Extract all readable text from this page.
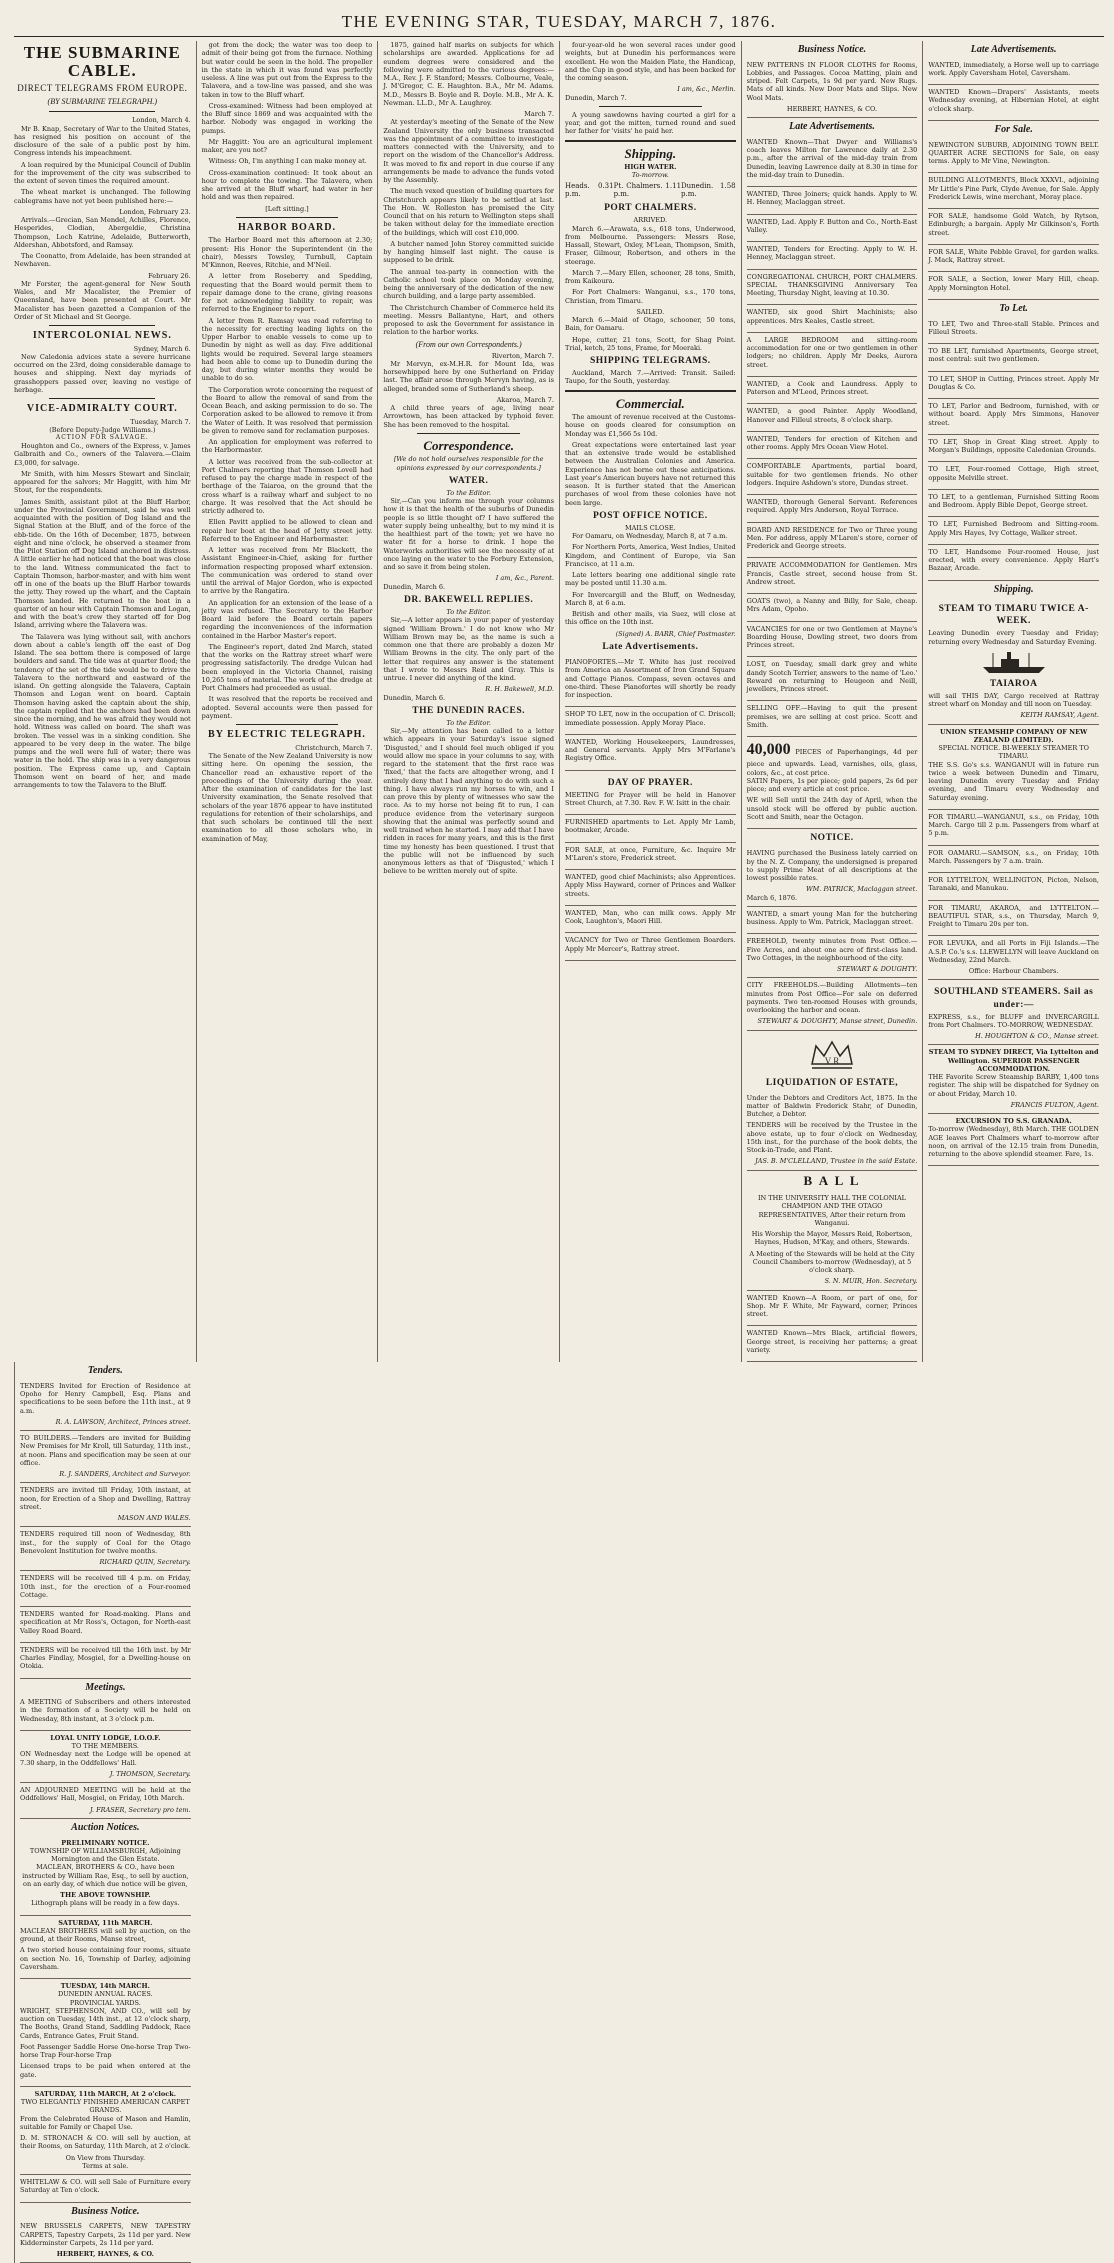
THE EVENING STAR, TUESDAY, MARCH 7, 1876.
THE SUBMARINE CABLE.
DIRECT TELEGRAMS FROM EUROPE.
(BY SUBMARINE TELEGRAPH.)
London, March 4.

Mr B. Knap, Secretary of War to the United States, has resigned his position on account of the disclosure of the sale of a public post by him. Congress intends his impeachment.

A loan required by the Municipal Council of Dublin for the improvement of the city was subscribed to the extent of seven times the required amount.

The wheat market is unchanged. The following cablegrams have not yet been published here:—

London, February 23.

Arrivals.—Grecian, San Mendel, Achilles, Florence, Hesperides, Clodian, Abergeldie, Christina Thompson, Loch Katrine, Adelaide, Butterworth, Aldershan, Abbotsford, and Ramsay.

The Coonatto, from Adelaide, has been stranded at Newhaven.

February 26.

Mr Forster, the agent-general for New South Wales, and Mr Macalister, the Premier of Queensland, have been presented at Court. Mr Macalister has been gazetted a Companion of the Order of St Michael and St George.

INTERCOLONIAL NEWS.
Sydney, March 6.

New Caledonia advices state a severe hurricane occurred on the 23rd, doing considerable damage to houses and shipping. Next day myriads of grasshoppers passed over, leaving no vestige of herbage.

VICE-ADMIRALTY COURT.
Tuesday, March 7.
(Before Deputy-Judge Williams.)
ACTION FOR SALVAGE.

Houghton and Co., owners of the Express, v. James Galbraith and Co., owners of the Talavera.—Claim £3,000, for salvage.

Mr Smith, with him Messrs Stewart and Sinclair, appeared for the salvors; Mr Haggitt, with him Mr Stout, for the respondents.

James Smith, assistant pilot at the Bluff Harbor, under the Provincial Government, said he was well acquainted with the position of Dog Island and the Signal Station at the Bluff, and of the force of the ebb-tide. On the 16th of December, 1875, between eight and nine o'clock, he observed a steamer from the Pilot Station off Dog Island anchored in distress. A little earlier he had noticed that the boat was close to the land. Witness communicated the fact to Captain Thomson, harbor-master, and with him went off in one of the boats up the Bluff Harbor towards the jetty. They rowed up the wharf, and the Captain Thomson landed. He returned to the boat in a quarter of an hour with Captain Thomson and Logan, and with the boat's crew they started off for Dog Island, arriving where the Talavera was.

The Talavera was lying without sail, with anchors down about a cable's length off the east of Dog Island. The sea bottom there is composed of large boulders and sand. The tide was at quarter flood; the tendency of the set of the tide would be to drive the Talavera to the northward and eastward of the island. On getting alongside the Talavera, Captain Thomson and Logan went on board. Captain Thomson having asked the captain about the ship, the captain replied that the anchors had been down since the morning, and he was afraid they would not hold. Witness was called on board. The shaft was broken. The vessel was in a sinking condition. She appeared to be very deep in the water. The bilge pumps and the well were full of water; there was water in the hold. The ship was in a very dangerous position. The Express came up, and Captain Thomson went on board of her, and made arrangements to tow the Talavera to the Bluff.

got from the dock; the water was too deep to admit of their being got from the furnace. Nothing but water could be seen in the hold. The propeller in the state in which it was found was perfectly useless. A line was put out from the Express to the Talavera, and a tow-line was passed, and she was taken in tow to the Bluff wharf.

Cross-examined: Witness had been employed at the Bluff since 1869 and was acquainted with the harbor. Nobody was engaged in working the pumps.

Mr Haggitt: You are an agricultural implement maker, are you not?

Witness: Oh, I'm anything I can make money at.

Cross-examination continued: It took about an hour to complete the towing. The Talavera, when she arrived at the Bluff wharf, had water in her hold and was then repaired.

[Left sitting.]
HARBOR BOARD.

The Harbor Board met this afternoon at 2.30; present: His Honor the Superintendent (in the chair), Messrs Towsley, Turnbull, Captain M'Kinnon, Reeves, Ritchie, and M'Neil.

A letter from Roseberry and Spedding, requesting that the Board would permit them to repair damage done to the crane, giving reasons for not acknowledging liability to repair, was referred to the Engineer to report.

A letter from R. Ramsay was read referring to the necessity for erecting leading lights on the Upper Harbor to enable vessels to come up to Dunedin by night as well as day. Five additional lights would be required. Several large steamers had been able to come up to Dunedin during the day, but during winter months they would be unable to do so.

The Corporation wrote concerning the request of the Board to allow the removal of sand from the Ocean Beach, and asking permission to do so. The Corporation asked to be allowed to remove it from the Water of Leith. It was resolved that permission be given to remove sand for reclamation purposes.

An application for employment was referred to the Harbormaster.

A letter was received from the sub-collector at Port Chalmers reporting that Thomson Lovell had refused to pay the charge made in respect of the berthage of the Taiaroa, on the ground that the cross wharf is a railway wharf and subject to no charge. It was resolved that the Act should be strictly adhered to.

Ellen Pavitt applied to be allowed to clean and repair her boat at the head of Jetty street jetty. Referred to the Engineer and Harbormaster.

A letter was received from Mr Blackett, the Assistant Engineer-in-Chief, asking for further information respecting proposed wharf extension. The communication was ordered to stand over until the arrival of Major Gordon, who is expected to arrive by the Rangatira.

An application for an extension of the lease of a jetty was refused. The Secretary to the Harbor Board laid before the Board certain papers regarding the inconveniences of the information contained in the Harbor Master's report.

The Engineer's report, dated 2nd March, stated that the works on the Rattray street wharf were progressing satisfactorily. The dredge Vulcan had been employed in the Victoria Channel, raising 10,265 tons of material. The work of the dredge at Port Chalmers had proceeded as usual.

It was resolved that the reports be received and adopted. Several accounts were then passed for payment.

BY ELECTRIC TELEGRAPH.
Christchurch, March 7.

The Senate of the New Zealand University is now sitting here. On opening the session, the Chancellor read an exhaustive report of the proceedings of the University during the year. After the examination of candidates for the last University examination, the Senate resolved that scholars of the year 1876 appear to have instituted regulations for retention of their scholarships, and that such scholars be continued till the next examination to all those scholars who, in examination of May,

1875, gained half marks on subjects for which scholarships are awarded. Applications for ad eundem degrees were considered and the following were admitted to the various degrees:—M.A., Rev. J. F. Stanford; Messrs. Colbourne, Veale, J. M'Gregor, C. E. Haughton. B.A., Mr M. Adams. M.D., Messrs B. Boyle and R. Doyle. M.B., Mr A. K. Newman. LL.D., Mr A. Laughrey.

March 7.

At yesterday's meeting of the Senate of the New Zealand University the only business transacted was the appointment of a committee to investigate matters connected with the University, and to report on the wisdom of the Chancellor's Address. It was moved to fix and report in due course if any arrangements be made to advance the funds voted by the Assembly.

The much vexed question of building quarters for Christchurch appears likely to be settled at last. The Hon. W. Rolleston has promised the City Council that on his return to Wellington steps shall be taken without delay for the immediate erection of the buildings, which will cost £10,000.

A butcher named John Storey committed suicide by hanging himself last night. The cause is supposed to be drink.

The annual tea-party in connection with the Catholic school took place on Monday evening, being the anniversary of the dedication of the new church building, and a large party assembled.

The Christchurch Chamber of Commerce held its meeting. Messrs Ballantyne, Hart, and others proposed to ask the Government for assistance in relation to the harbor works.

(From our own Correspondents.)
Riverton, March 7.

Mr Mervyn, ex-M.H.R. for Mount Ida, was horsewhipped here by one Sutherland on Friday last. The affair arose through Mervyn having, as is alleged, branded some of Sutherland's sheep.

Akaroa, March 7.

A child three years of age, living near Arrowtown, has been attacked by typhoid fever. She has been removed to the hospital.

Correspondence.
[We do not hold ourselves responsible for the opinions expressed by our correspondents.]
WATER.
To the Editor.

Sir,—Can you inform me through your columns how it is that the health of the suburbs of Dunedin people is so little thought of? I have suffered the water supply being unhealthy, but to my mind it is the healthiest part of the town; yet we have no water fit for a horse to drink. I hope the Waterworks authorities will see the necessity of at once laying on the water to the Forbury Extension, and so save it from being stolen.

I am, &c., Parent.
Dunedin, March 6.
DR. BAKEWELL REPLIES.
To the Editor.

Sir,—A letter appears in your paper of yesterday signed 'William Brown.' I do not know who Mr William Brown may be, as the name is such a common one that there are probably a dozen Mr William Browns in the city. The only part of the letter that requires any answer is the statement that I wrote to Messrs Reid and Gray. This is untrue. I never did anything of the kind.

R. H. Bakewell, M.D.
Dunedin, March 6.
THE DUNEDIN RACES.
To the Editor.

Sir,—My attention has been called to a letter which appears in your Saturday's issue signed 'Disgusted,' and I should feel much obliged if you would allow me space in your columns to say, with regard to the statement that the first race was 'fixed,' that the facts are altogether wrong, and I entirely deny that I had anything to do with such a thing. I have always run my horses to win, and I can prove this by plenty of witnesses who saw the race. As to my horse not being fit to run, I can produce evidence from the veterinary surgeon showing that the animal was perfectly sound and well trained when he started. I may add that I have ridden in races for many years, and this is the first time my honesty has been questioned. I trust that the public will not be influenced by such anonymous letters as that of 'Disgusted,' which I believe to be written merely out of spite.

four-year-old he won several races under good weights, but at Dunedin his performances were excellent. He won the Maiden Plate, the Handicap, and the Cup in good style, and has been backed for the coming season.

I am, &c., Merlin.
Dunedin, March 7.

A young sawdowns having courted a girl for a year, and got the mitten, turned round and sued her father for 'visits' he paid her.

Shipping.
HIGH WATER.
To-morrow.
Heads. 0.31 p.m.
Pt. Chalmers. 1.11 p.m.
Dunedin. 1.58 p.m.
PORT CHALMERS.
ARRIVED.

March 6.—Arawata, s.s., 618 tons, Underwood, from Melbourne. Passengers: Messrs Rose, Hassall, Stewart, Oxley, M'Lean, Thompson, Smith, Fraser, Gilmour, Robertson, and others in the steerage.

March 7.—Mary Ellen, schooner, 28 tons, Smith, from Kaikoura.

For Port Chalmers: Wanganui, s.s., 170 tons, Christian, from Timaru.

SAILED.

March 6.—Maid of Otago, schooner, 50 tons, Bain, for Oamaru.

Hope, cutter, 21 tons, Scott, for Shag Point. Trial, ketch, 25 tons, Frame, for Moeraki.

SHIPPING TELEGRAMS.

Auckland, March 7.—Arrived: Transit. Sailed: Taupo, for the South, yesterday.

Commercial.

The amount of revenue received at the Customs-house on goods cleared for consumption on Monday was £1,566 5s 10d.

Great expectations were entertained last year that an extensive trade would be established between the Australian Colonies and America. Experience has not borne out these anticipations. Last year's American buyers have not returned this season. It is further stated that the American purchases of wool from these colonies have not been large.

POST OFFICE NOTICE.
MAILS CLOSE.

For Oamaru, on Wednesday, March 8, at 7 a.m.

For Northern Ports, America, West Indies, United Kingdom, and Continent of Europe, via San Francisco, at 11 a.m.

Late letters bearing one additional single rate may be posted until 11.30 a.m.

For Invercargill and the Bluff, on Wednesday, March 8, at 6 a.m.

British and other mails, via Suez, will close at this office on the 10th inst.

(Signed) A. BARR, Chief Postmaster.
Late Advertisements.

PIANOFORTES.—Mr T. White has just received from America an Assortment of Iron Grand Square and Cottage Pianos. Compass, seven octaves and one-third. These Pianofortes will shortly be ready for inspection.

SHOP TO LET, now in the occupation of C. Driscoll; immediate possession. Apply Moray Place.

WANTED, Working Housekeepers, Laundresses, and General servants. Apply Mrs M'Farlane's Registry Office.

DAY OF PRAYER.

MEETING for Prayer will be held in Hanover Street Church, at 7.30. Rev. F. W. Isitt in the chair.

FURNISHED apartments to Let. Apply Mr Lamb, bootmaker, Arcade.

FOR SALE, at once, Furniture, &c. Inquire Mr M'Laren's store, Frederick street.

WANTED, good chief Machinists; also Apprentices. Apply Miss Hayward, corner of Princes and Walker streets.

WANTED, Man, who can milk cows. Apply Mr Cook, Laughton's, Maori Hill.

VACANCY for Two or Three Gentlemen Boarders. Apply Mr Mercer's, Rattray street.

Business Notice.

NEW PATTERNS IN FLOOR CLOTHS for Rooms, Lobbies, and Passages. Cocoa Matting, plain and striped. Felt Carpets, 1s 9d per yard. New Rugs. Mats of all kinds. New Door Mats and Slips. New Wool Mats.

HERBERT, HAYNES, & CO.
Late Advertisements.

WANTED Known—That Dwyer and Williams's coach leaves Milton for Lawrence daily at 2.30 p.m., after the arrival of the mid-day train from Dunedin, leaving Lawrence daily at 8.30 in time for the mid-day train to Dunedin.

WANTED, Three Joiners; quick hands. Apply to W. H. Henney, Maclaggan street.

WANTED, Lad. Apply F. Button and Co., North-East Valley.

WANTED, Tenders for Erecting. Apply to W. H. Henney, Maclaggan street.

CONGREGATIONAL CHURCH, PORT CHALMERS. SPECIAL THANKSGIVING Anniversary Tea Meeting, Thursday Night, leaving at 10.30.

WANTED, six good Shirt Machinists; also apprentices. Mrs Keales, Castle street.

A LARGE BEDROOM and sitting-room accommodation for one or two gentlemen in other lodgers; no children. Apply Mr Deeks, Aurora street.

WANTED, a Cook and Laundress. Apply to Paterson and M'Leod, Princes street.

WANTED, a good Painter. Apply Woodland, Hanover and Filleul streets, 8 o'clock sharp.

WANTED, Tenders for erection of Kitchen and other rooms. Apply Mrs Ocean View Hotel.

COMFORTABLE Apartments, partial board, suitable for two gentlemen friends. No other lodgers. Inquire Ashdown's store, Dundas street.

WANTED, thorough General Servant. References required. Apply Mrs Anderson, Royal Terrace.

BOARD AND RESIDENCE for Two or Three young Men. For address, apply M'Laren's store, corner of Frederick and George streets.

PRIVATE ACCOMMODATION for Gentlemen. Mrs Francis, Castle street, second house from St. Andrew street.

GOATS (two), a Nanny and Billy, for Sale, cheap. Mrs Adam, Opoho.

VACANCIES for one or two Gentlemen at Mayne's Boarding House, Dowling street, two doors from Princes street.

LOST, on Tuesday, small dark grey and white dandy Scotch Terrier, answers to the name of 'Leo.' Reward on returning to Heugeon and Neill, jewellers, Princes street.

SELLING OFF.—Having to quit the present premises, we are selling at cost price. Scott and Smith.

40,000 PIECES of Paperhangings, 4d per piece and upwards. Lead, varnishes, oils, glass, colors, &c., at cost price.

SATIN Papers, 1s per piece; gold papers, 2s 6d per piece; and every article at cost price.

WE will Sell until the 24th day of April, when the unsold stock will be offered by public auction. Scott and Smith, near the Octagon.

NOTICE.

HAVING purchased the Business lately carried on by the N. Z. Company, the undersigned is prepared to supply Prime Meat of all descriptions at the lowest possible rates.

WM. PATRICK, Maclaggan street.
March 6, 1876.

WANTED, a smart young Man for the butchering business. Apply to Wm. Patrick, Maclaggan street.

FREEHOLD, twenty minutes from Post Office.—Five Acres, and about one acre of first-class land. Two Cottages, in the neighbourhood of the city.

STEWART & DOUGHTY.

CITY FREEHOLDS.—Building Allotments—ten minutes from Post Office—For sale on deferred payments. Two ten-roomed Houses with grounds, overlooking the harbor and ocean.

STEWART & DOUGHTY, Manse street, Dunedin.
V R
LIQUIDATION OF ESTATE,

Under the Debtors and Creditors Act, 1875. In the matter of Baldwin Frederick Stahr, of Dunedin, Butcher, a Debtor.

TENDERS will be received by the Trustee in the above estate, up to four o'clock on Wednesday, 15th inst., for the purchase of the book debts, the Stock-in-Trade, and Plant.

JAS. B. M'CLELLAND, Trustee in the said Estate.
B A L L

IN THE UNIVERSITY HALL THE COLONIAL CHAMPION AND THE OTAGO REPRESENTATIVES, After their return from Wanganui.

His Worship the Mayor, Messrs Reid, Robertson, Haynes, Hudson, M'Kay, and others, Stewards.

A Meeting of the Stewards will be held at the City Council Chambers to-morrow (Wednesday), at 5 o'clock sharp.

S. N. MUIR, Hon. Secretary.

WANTED Known—A Room, or part of one, for Shop. Mr F. White, Mr Fayward, corner, Princes street.

WANTED Known—Mrs Black, artificial flowers, George street, is receiving her patterns; a great variety.

Late Advertisements.

WANTED, immediately, a Horse well up to carriage work. Apply Caversham Hotel, Caversham.

WANTED Known—Drapers' Assistants, meets Wednesday evening, at Hibernian Hotel, at eight o'clock sharp.

For Sale.

NEWINGTON SUBURB, ADJOINING TOWN BELT. QUARTER ACRE SECTIONS for Sale, on easy terms. Apply to Mr Vine, Newington.

BUILDING ALLOTMENTS, Block XXXVI., adjoining Mr Little's Pine Park, Clyde Avenue, for Sale. Apply Frederick Lewis, wine merchant, Moray place.

FOR SALE, handsome Gold Watch, by Rytson, Edinburgh; a bargain. Apply Mr Gilkinson's, Forth street.

FOR SALE, White Pebble Gravel, for garden walks. J. Mack, Rattray street.

FOR SALE, a Section, lower Mary Hill, cheap. Apply Mornington Hotel.

To Let.

TO LET, Two and Three-stall Stable. Princes and Filleul Streets.

TO BE LET, furnished Apartments, George street, most central: suit two gentlemen.

TO LET, SHOP in Cutting, Princes street. Apply Mr Douglas & Co.

TO LET, Parlor and Bedroom, furnished, with or without board. Apply Mrs Simmons, Hanover street.

TO LET, Shop in Great King street. Apply to Morgan's Buildings, opposite Caledonian Grounds.

TO LET, Four-roomed Cottage, High street, opposite Melville street.

TO LET, to a gentleman, Furnished Sitting Room and Bedroom. Apply Bible Depot, George street.

TO LET, Furnished Bedroom and Sitting-room. Apply Mrs Hayes, Ivy Cottage, Walker street.

TO LET, Handsome Four-roomed House, just erected, with every convenience. Apply Hart's Bazaar, Arcade.

Shipping.
STEAM TO TIMARU TWICE A-WEEK.

Leaving Dunedin every Tuesday and Friday; returning every Wednesday and Saturday Evening.

TAIAROA

will sail THIS DAY, Cargo received at Rattray street wharf on Monday and till noon on Tuesday.

KEITH RAMSAY, Agent.
UNION STEAMSHIP COMPANY OF NEW ZEALAND (LIMITED).
SPECIAL NOTICE. BI-WEEKLY STEAMER TO TIMARU.

THE S.S. Go's s.s. WANGANUI will in future run twice a week between Dunedin and Timaru, leaving Dunedin every Tuesday and Friday evening, and Timaru every Wednesday and Saturday evening.

FOR TIMARU.—WANGANUI, s.s., on Friday, 10th March. Cargo till 2 p.m. Passengers from wharf at 5 p.m.

FOR OAMARU.—SAMSON, s.s., on Friday, 10th March. Passengers by 7 a.m. train.

FOR LYTTELTON, WELLINGTON, Picton, Nelson, Taranaki, and Manukau.

FOR TIMARU, AKAROA, and LYTTELTON.—BEAUTIFUL STAR, s.s., on Thursday, March 9, Freight to Timaru 20s per ton.

FOR LEVUKA, and all Ports in Fiji Islands.—The A.S.P. Co.'s s.s. LLEWELLYN will leave Auckland on Wednesday, 22nd March.

Office: Harbour Chambers.
SOUTHLAND STEAMERS. Sail as under:—

EXPRESS, s.s., for BLUFF and INVERCARGILL from Port Chalmers. TO-MORROW, WEDNESDAY.

H. HOUGHTON & CO., Manse street.
STEAM TO SYDNEY DIRECT, Via Lyttelton and Wellington. SUPERIOR PASSENGER ACCOMMODATION.

THE Favorite Screw Steamship BARBY, 1,400 tons register. The ship will be dispatched for Sydney on or about Friday, March 10.

FRANCIS FULTON, Agent.
EXCURSION TO S.S. GRANADA.

To-morrow (Wednesday), 8th March. THE GOLDEN AGE leaves Port Chalmers wharf to-morrow after noon, on arrival of the 12.15 train from Dunedin, returning to the above splendid steamer. Fare, 1s.

Tenders.

TENDERS Invited for Erection of Residence at Opoho for Henry Campbell, Esq. Plans and specifications to be seen before the 11th inst., at 9 a.m.

R. A. LAWSON, Architect, Princes street.

TO BUILDERS.—Tenders are invited for Building New Premises for Mr Kroll, till Saturday, 11th inst., at noon. Plans and specification may be seen at our office.

R. J. SANDERS, Architect and Surveyor.

TENDERS are invited till Friday, 10th instant, at noon, for Erection of a Shop and Dwelling, Rattray street.

MASON AND WALES.

TENDERS required till noon of Wednesday, 8th inst., for the supply of Coal for the Otago Benevolent Institution for twelve months.

RICHARD QUIN, Secretary.

TENDERS will be received till 4 p.m. on Friday, 10th inst., for the erection of a Four-roomed Cottage.

TENDERS wanted for Road-making. Plans and specification at Mr Ross's, Octagon, for North-east Valley Road Board.

TENDERS will be received till the 16th inst. by Mr Charles Findlay, Mosgiel, for a Dwelling-house on Otokia.

Meetings.

A MEETING of Subscribers and others interested in the formation of a Society will be held on Wednesday, 8th instant, at 3 o'clock p.m.

LOYAL UNITY LODGE, I.O.O.F.
TO THE MEMBERS.

ON Wednesday next the Lodge will be opened at 7.30 sharp, in the Oddfellows' Hall.

J. THOMSON, Secretary.

AN ADJOURNED MEETING will be held at the Oddfellows' Hall, Mosgiel, on Friday, 10th March.

J. FRASER, Secretary pro tem.
Auction Notices.
PRELIMINARY NOTICE.
TOWNSHIP OF WILLIAMSBURGH, Adjoining Mornington and the Glen Estate.

MACLEAN, BROTHERS & CO., have been instructed by William Rae, Esq., to sell by auction, on an early day, of which due notice will be given,

THE ABOVE TOWNSHIP.

Lithograph plans will be ready in a few days.

SATURDAY, 11th MARCH.

MACLEAN BROTHERS will sell by auction, on the ground, at their Rooms, Manse street,

A two storied house containing four rooms, situate on section No. 16, Township of Darley, adjoining Caversham.

TUESDAY, 14th MARCH.
DUNEDIN ANNUAL RACES.
PROVINCIAL YARDS.

WRIGHT, STEPHENSON, AND CO., will sell by auction on Tuesday, 14th inst., at 12 o'clock sharp, The Booths, Grand Stand, Saddling Paddock, Race Cards, Entrance Gates, Fruit Stand.

Foot Passenger Saddle Horse One-horse Trap Two-horse Trap Four-horse Trap

Licensed traps to be paid when entered at the gate.

SATURDAY, 11th MARCH, At 2 o'clock.
TWO ELEGANTLY FINISHED AMERICAN CARPET GRANDS.

From the Celebrated House of Mason and Hamlin, suitable for Family or Chapel Use.

D. M. STRONACH & CO. will sell by auction, at their Rooms, on Saturday, 11th March, at 2 o'clock.

On View from Thursday.
Terms at sale.

WHITELAW & CO. will sell Sale of Furniture every Saturday at Ten o'clock.

Business Notice.

NEW BRUSSELS CARPETS, NEW TAPESTRY CARPETS, Tapestry Carpets, 2s 11d per yard. New Kidderminster Carpets, 2s 11d per yard.

HERBERT, HAYNES, & CO.
